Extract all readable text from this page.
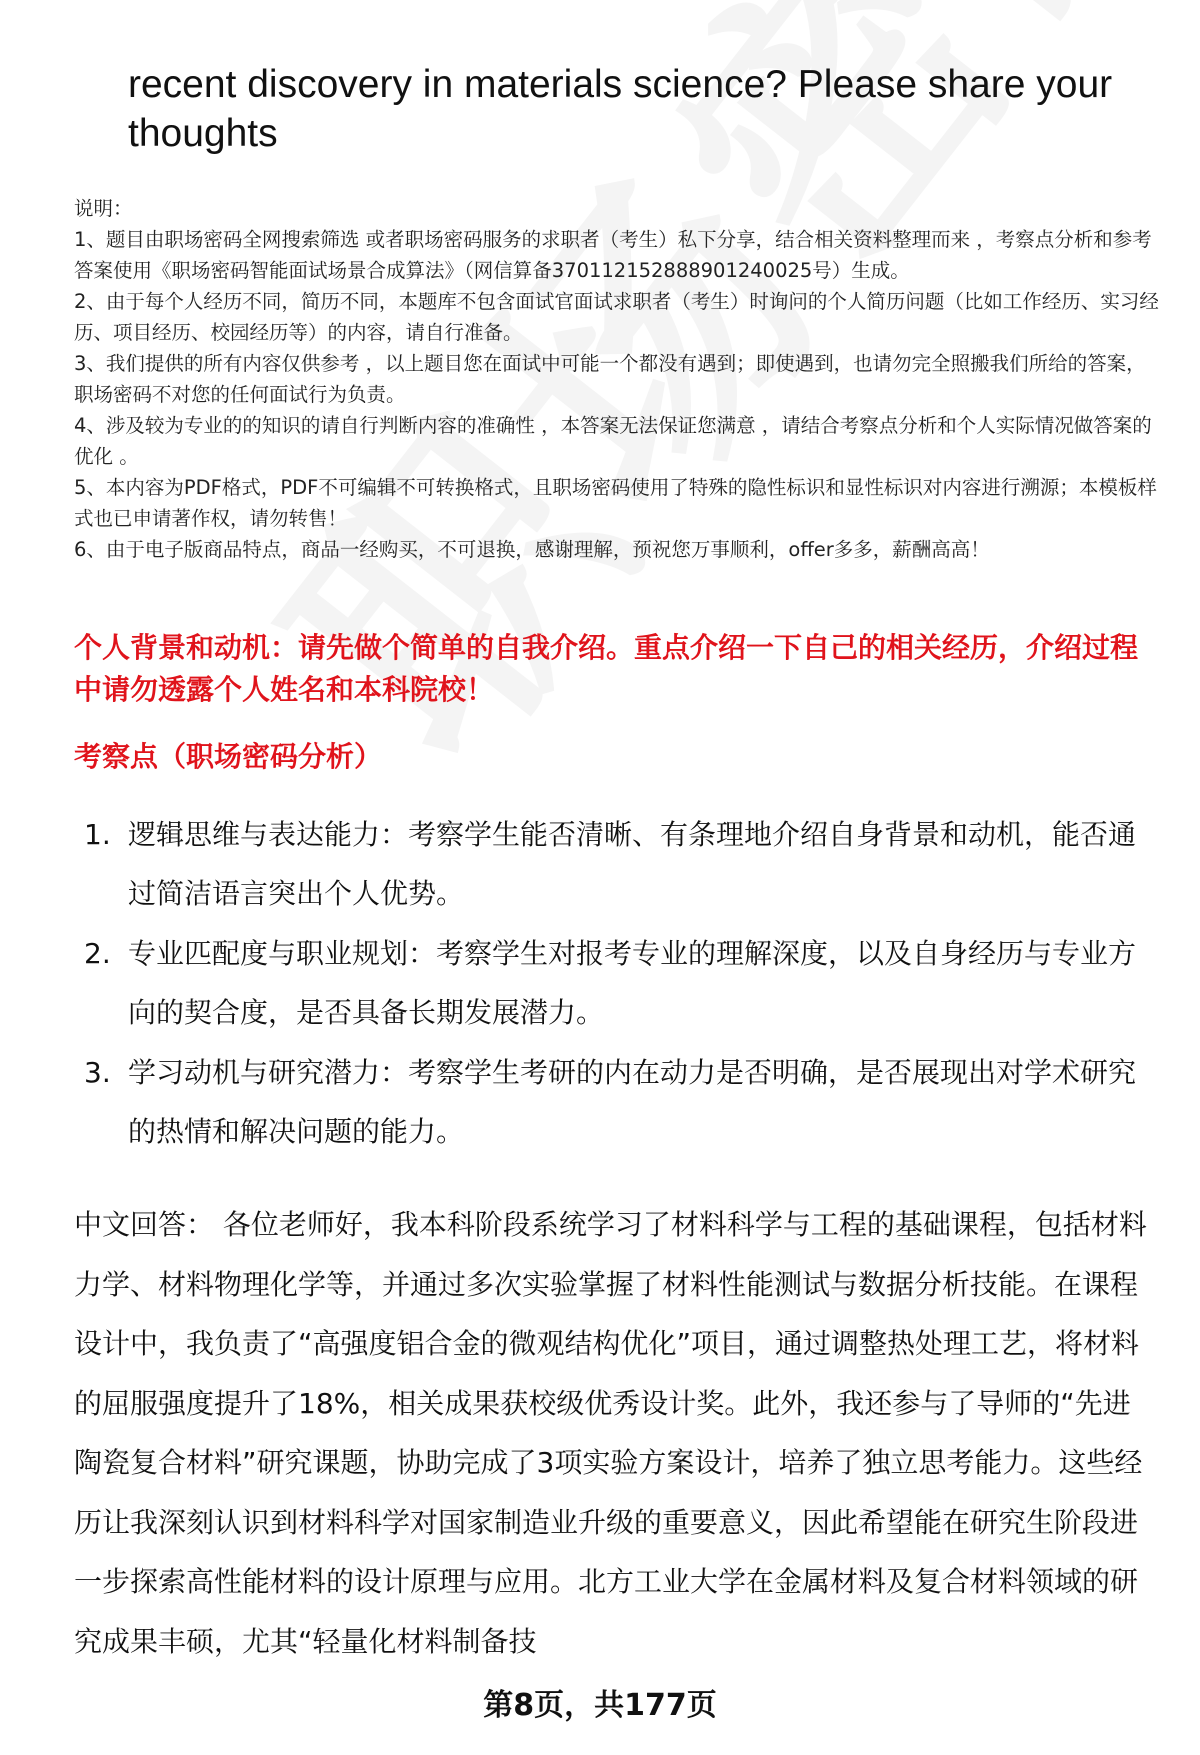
recent discovery in materials science? Please share your thoughts

说明：

1、题目由职场密码全网搜索筛选 或者职场密码服务的求职者（考生）私下分享，结合相关资料整理而来 ，考察点分析和参考答案使用《职场密码智能面试场景合成算法》（网信算备370112152888901240025号）生成。

2、由于每个人经历不同，简历不同，本题库不包含面试官面试求职者（考生）时询问的个人简历问题（比如工作经历、实习经历、项目经历、校园经历等）的内容，请自行准备。

3、我们提供的所有内容仅供参考 ，以上题目您在面试中可能一个都没有遇到；即使遇到，也请勿完全照搬我们所给的答案，职场密码不对您的任何面试行为负责。

4、涉及较为专业的的知识的请自行判断内容的准确性 ，本答案无法保证您满意 ，请结合考察点分析和个人实际情况做答案的优化 。

5、本内容为PDF格式，PDF不可编辑不可转换格式，且职场密码使用了特殊的隐性标识和显性标识对内容进行溯源；本模板样式也已申请著作权，请勿转售！

6、由于电子版商品特点，商品一经购买，不可退换，感谢理解，预祝您万事顺利，offer多多，薪酬高高！

个人背景和动机：请先做个简单的自我介绍。重点介绍一下自己的相关经历，介绍过程中请勿透露个人姓名和本科院校！
考察点（职场密码分析）
1. 逻辑思维与表达能力：考察学生能否清晰、有条理地介绍自身背景和动机，能否通过简洁语言突出个人优势。
2. 专业匹配度与职业规划：考察学生对报考专业的理解深度，以及自身经历与专业方向的契合度，是否具备长期发展潜力。
3. 学习动机与研究潜力：考察学生考研的内在动力是否明确，是否展现出对学术研究的热情和解决问题的能力。

中文回答： 各位老师好，我本科阶段系统学习了材料科学与工程的基础课程，包括材料力学、材料物理化学等，并通过多次实验掌握了材料性能测试与数据分析技能。在课程设计中，我负责了“高强度铝合金的微观结构优化”项目，通过调整热处理工艺，将材料的屈服强度提升了18%，相关成果获校级优秀设计奖。此外，我还参与了导师的“先进陶瓷复合材料”研究课题，协助完成了3项实验方案设计，培养了独立思考能力。这些经历让我深刻认识到材料科学对国家制造业升级的重要意义，因此希望能在研究生阶段进一步探索高性能材料的设计原理与应用。北方工业大学在金属材料及复合材料领域的研究成果丰硕，尤其“轻量化材料制备技

第8页，共177页
